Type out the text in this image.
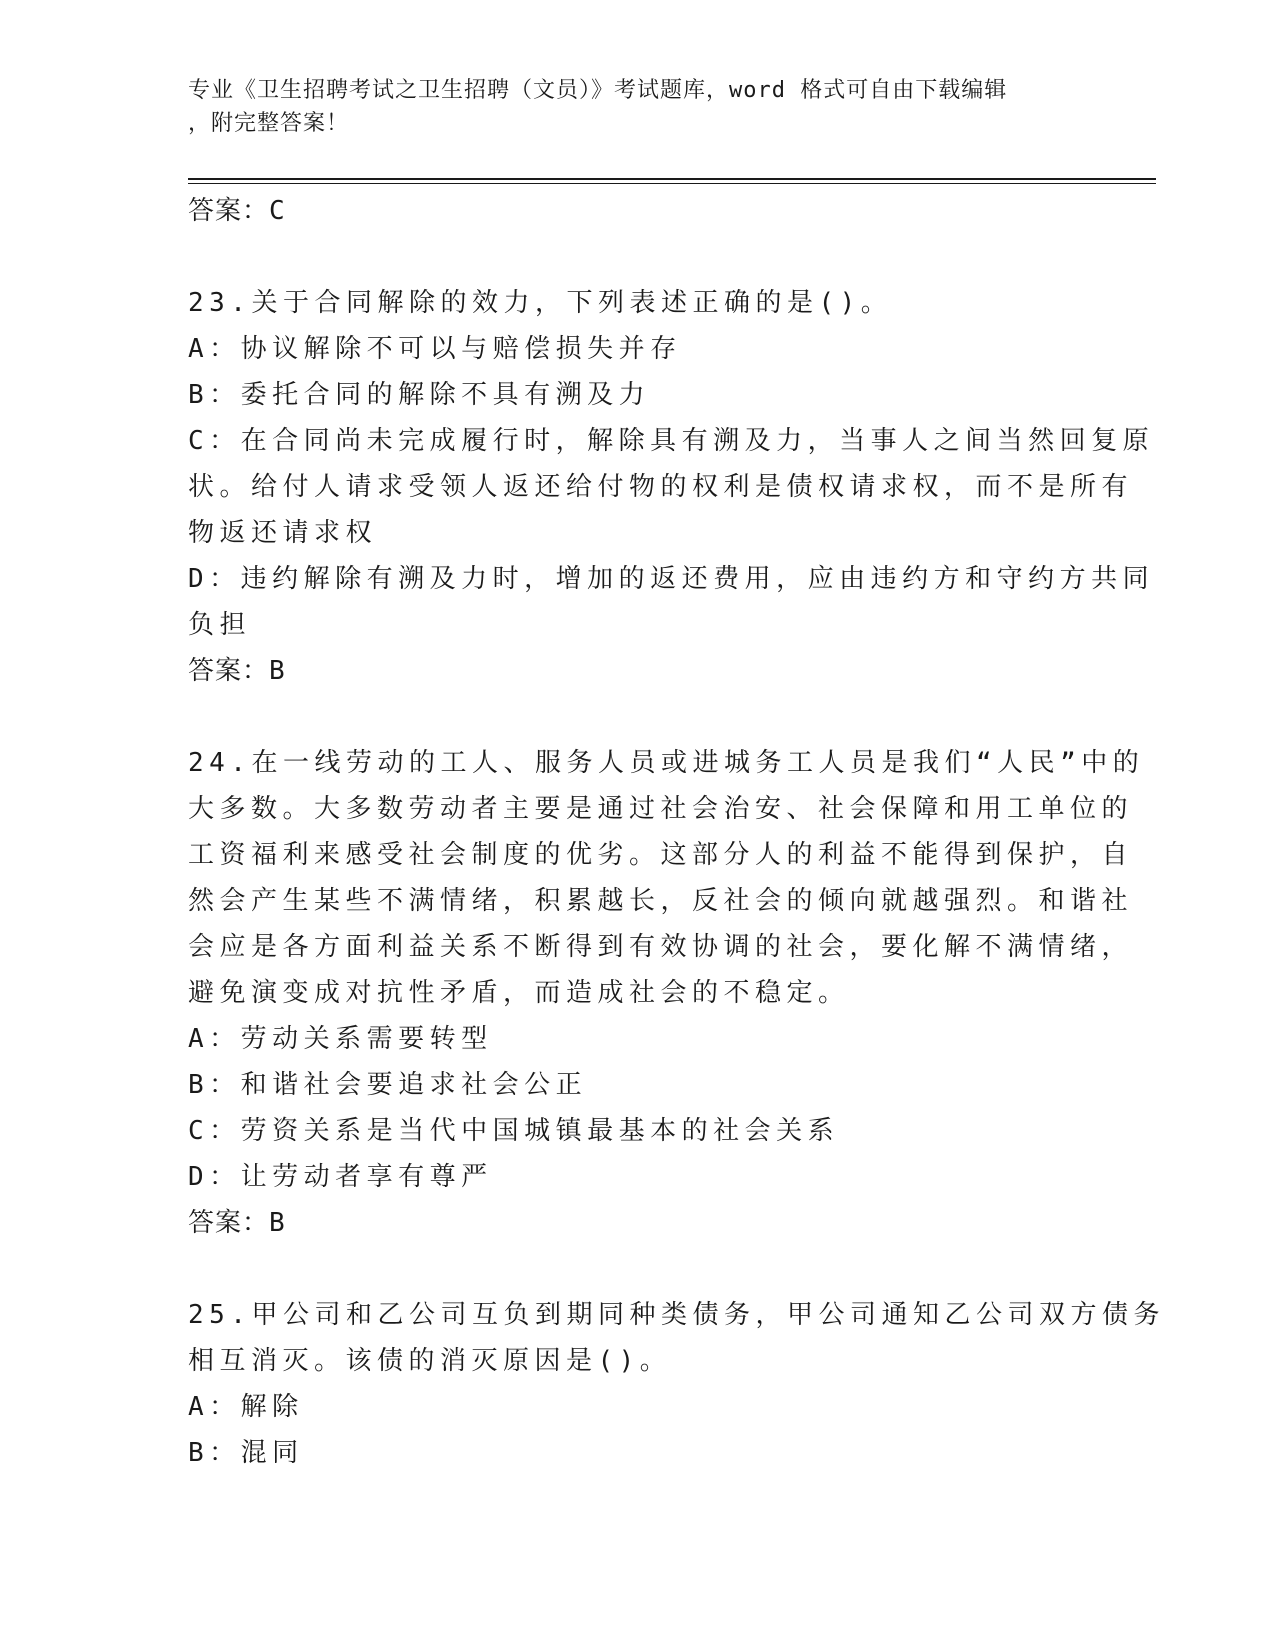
专业《卫生招聘考试之卫生招聘（文员）》考试题库，word 格式可自由下载编辑
，附完整答案！
答案：C
23.关于合同解除的效力，下列表述正确的是()。
A：协议解除不可以与赔偿损失并存
B：委托合同的解除不具有溯及力
C：在合同尚未完成履行时，解除具有溯及力，当事人之间当然回复原
状。给付人请求受领人返还给付物的权利是债权请求权，而不是所有
物返还请求权
D：违约解除有溯及力时，增加的返还费用，应由违约方和守约方共同
负担
答案：B
24.在一线劳动的工人、服务人员或进城务工人员是我们“人民”中的
大多数。大多数劳动者主要是通过社会治安、社会保障和用工单位的
工资福利来感受社会制度的优劣。这部分人的利益不能得到保护，自
然会产生某些不满情绪，积累越长，反社会的倾向就越强烈。和谐社
会应是各方面利益关系不断得到有效协调的社会，要化解不满情绪，
避免演变成对抗性矛盾，而造成社会的不稳定。
A：劳动关系需要转型
B：和谐社会要追求社会公正
C：劳资关系是当代中国城镇最基本的社会关系
D：让劳动者享有尊严
答案：B
25.甲公司和乙公司互负到期同种类债务，甲公司通知乙公司双方债务
相互消灭。该债的消灭原因是()。
A：解除
B：混同
